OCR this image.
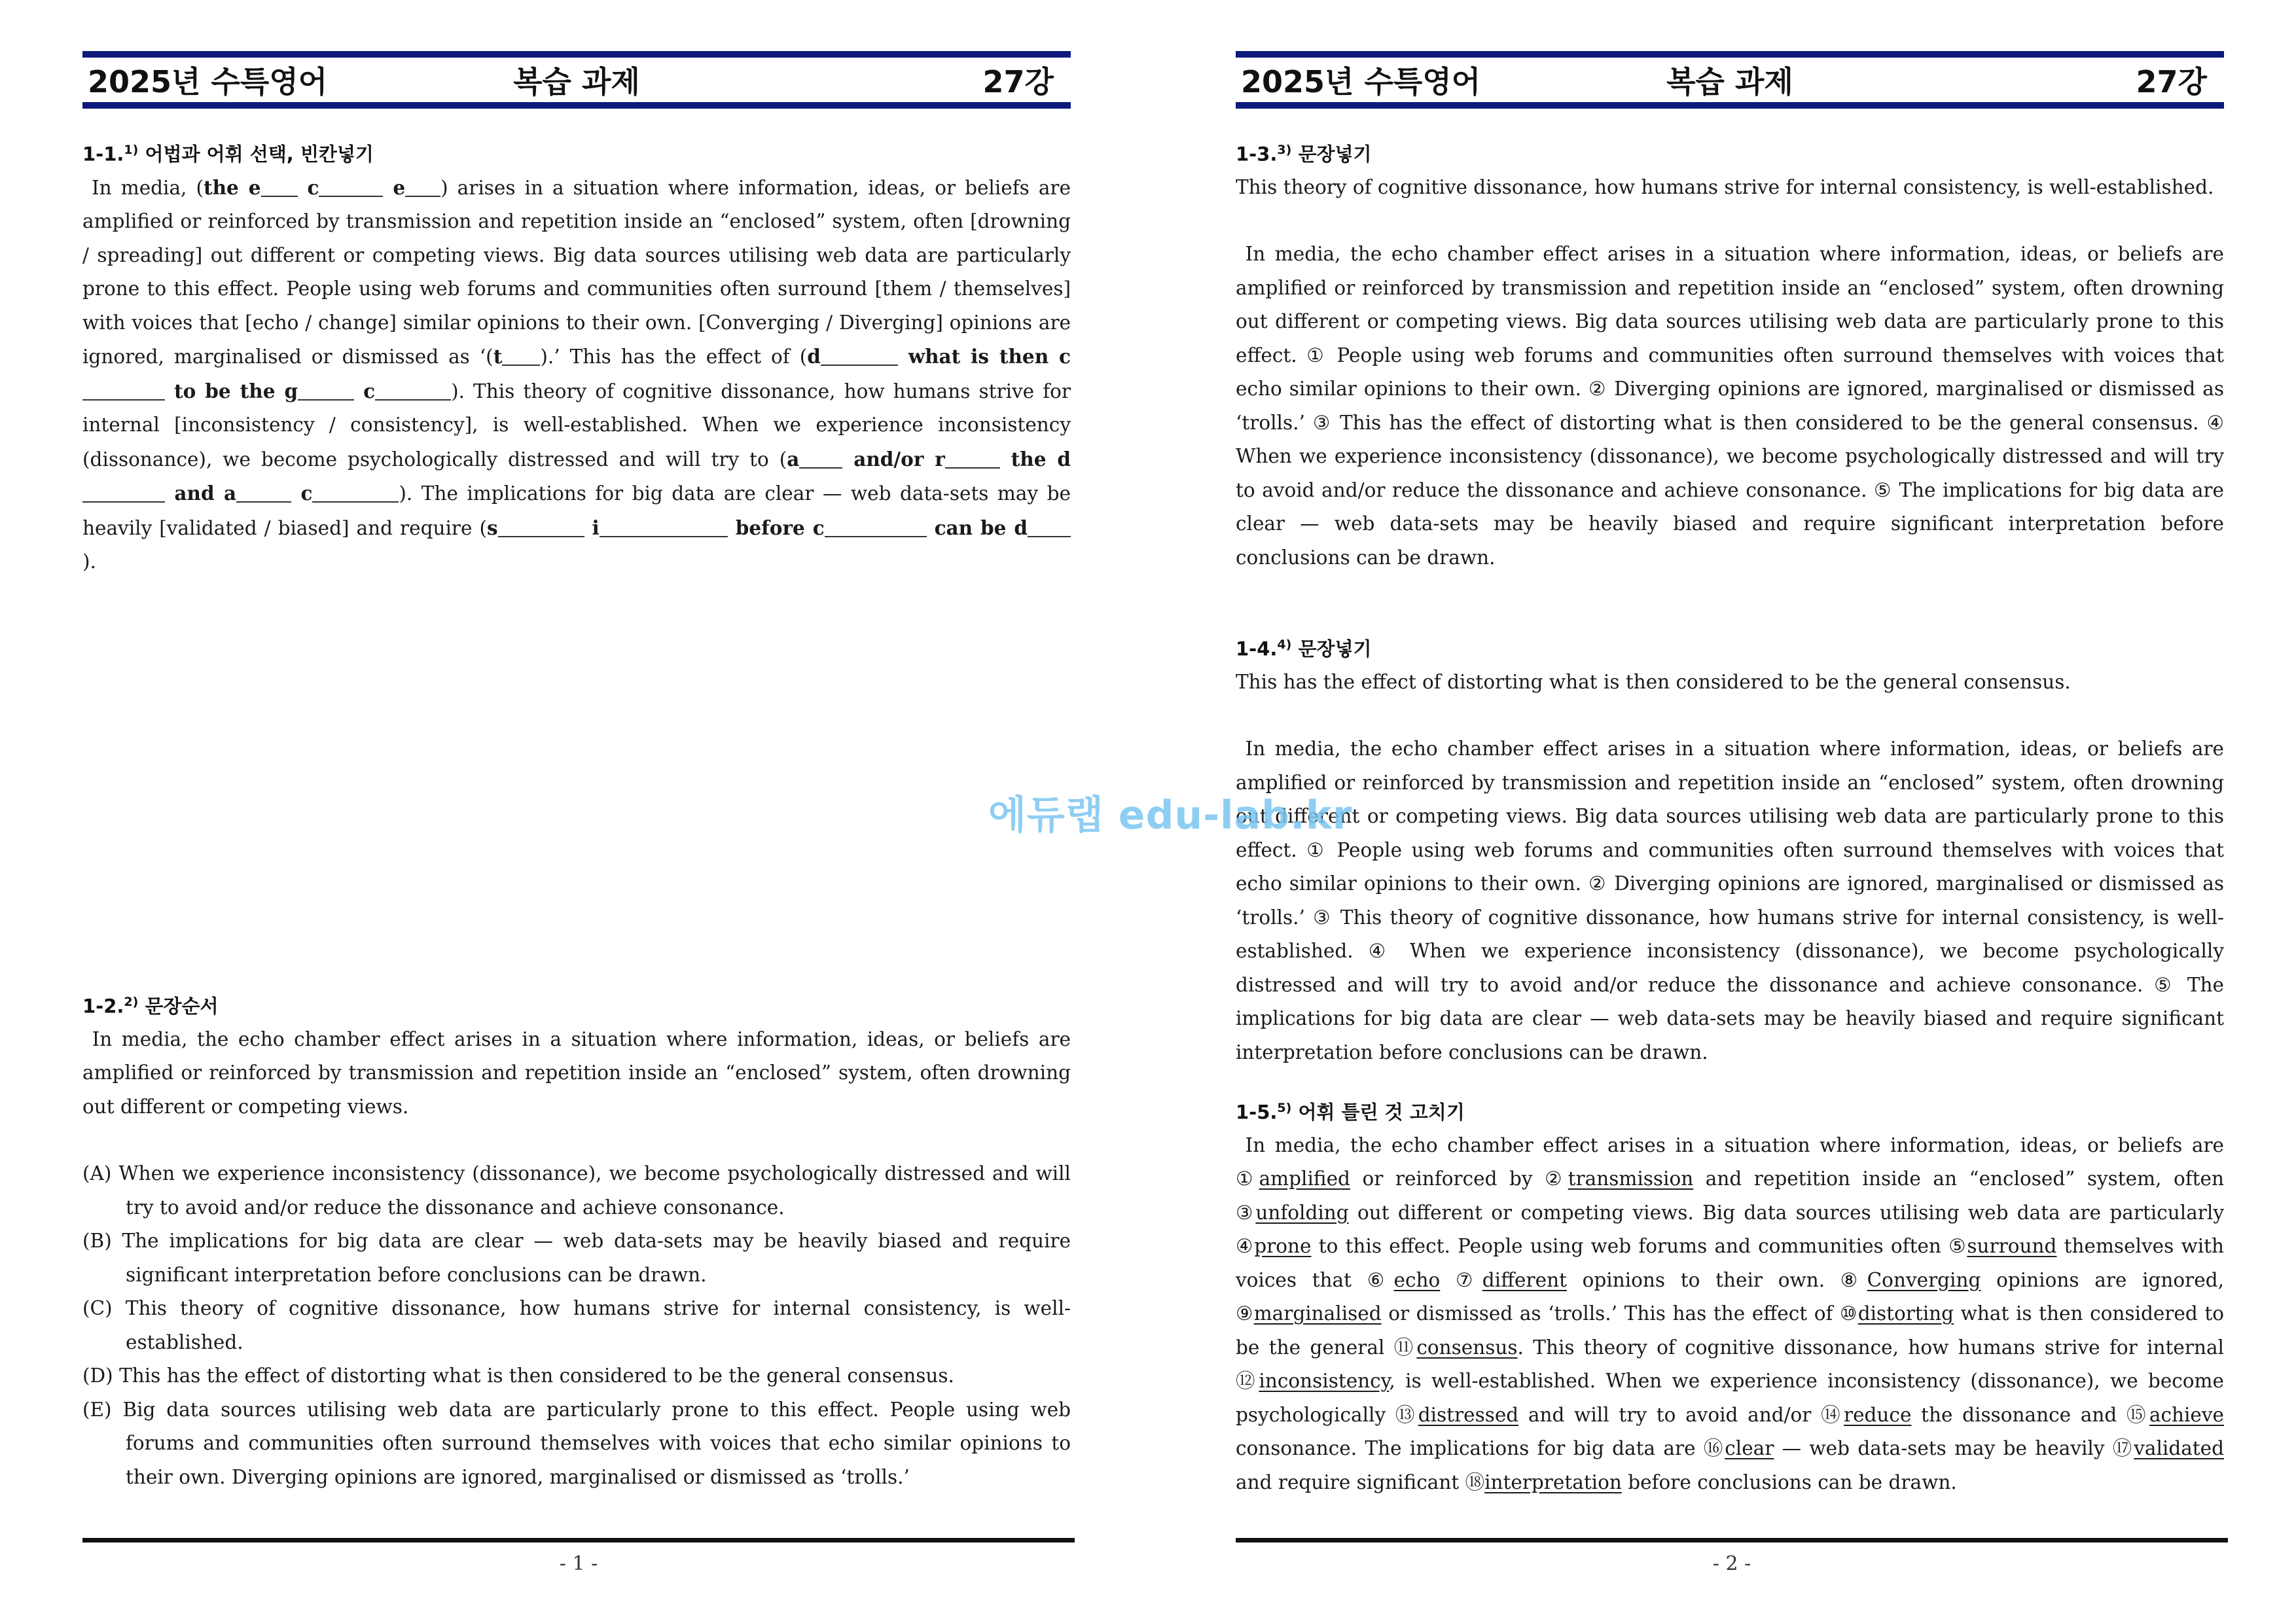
2025년 수특영어	복습 과제	27강
1-1.$^{1)}$ 어법과 어휘 선택, 빈칸넣기

In media, (the e c	e ) arises in a situation where information, ideas, or beliefs are amplified or reinforced by transmission and repetition inside an “enclosed” system, often [drowning / spreading] out different or competing views. Big data sources utilising web data are particularly prone to this effect. People using web forums and communities often surround [them / themselves] with voices that [echo / change] similar opinions to their own. [Converging / Diverging] opinions are ignored, marginalised or dismissed as ‘(t ).’ This has the effect of (d	what is then c to be the g	c	). This theory of cognitive dissonance, how humans strive for internal [inconsistency / consistency], is well-established. When we experience inconsistency (dissonance), we become psychologically distressed and will try to (a and/or r	the d and a	c	). The implications for big data are clear — web data-sets may be heavily [validated / biased] and require (s	i	before c	can be d).

1-2.$^{2)}$ 문장순서

In media, the echo chamber effect arises in a situation where information, ideas, or beliefs are amplified or reinforced by transmission and repetition inside an “enclosed” system, often drowning out different or competing views.

(A) When we experience inconsistency (dissonance), we become psychologically distressed and will try to avoid and/or reduce the dissonance and achieve consonance.
(B) The implications for big data are clear — web data-sets may be heavily biased and require significant interpretation before conclusions can be drawn.
(C) This theory of cognitive dissonance, how humans strive for internal consistency, is well-established.
(D) This has the effect of distorting what is then considered to be the general consensus.
(E) Big data sources utilising web data are particularly prone to this effect. People using web forums and communities often surround themselves with voices that echo similar opinions to their own. Diverging opinions are ignored, marginalised or dismissed as ‘trolls.’
- 1 -
2025년 수특영어	복습 과제	27강
1-3.$^{3)}$ 문장넣기

This theory of cognitive dissonance, how humans strive for internal consistency, is well-established.

In media, the echo chamber effect arises in a situation where information, ideas, or beliefs are amplified or reinforced by transmission and repetition inside an “enclosed” system, often drowning out different or competing views. Big data sources utilising web data are particularly prone to this effect. ① People using web forums and communities often surround themselves with voices that echo similar opinions to their own. ② Diverging opinions are ignored, marginalised or dismissed as ‘trolls.’ ③ This has the effect of distorting what is then considered to be the general consensus. ④ When we experience inconsistency (dissonance), we become psychologically distressed and will try to avoid and/or reduce the dissonance and achieve consonance. ⑤ The implications for big data are clear — web data-sets may be heavily biased and require significant interpretation before conclusions can be drawn.

1-4.$^{4)}$ 문장넣기

This has the effect of distorting what is then considered to be the general consensus.

In media, the echo chamber effect arises in a situation where information, ideas, or beliefs are amplified or reinforced by transmission and repetition inside an “enclosed” system, often drowning out different or competing views. Big data sources utilising web data are particularly prone to this effect. ① People using web forums and communities often surround themselves with voices that echo similar opinions to their own. ② Diverging opinions are ignored, marginalised or dismissed as ‘trolls.’ ③ This theory of cognitive dissonance, how humans strive for internal consistency, is well-established. ④ When we experience inconsistency (dissonance), we become psychologically distressed and will try to avoid and/or reduce the dissonance and achieve consonance. ⑤ The implications for big data are clear — web data-sets may be heavily biased and require significant interpretation before conclusions can be drawn.

1-5.$^{5)}$ 어휘 틀린 것 고치기

In media, the echo chamber effect arises in a situation where information, ideas, or beliefs are ①amplified or reinforced by ②transmission and repetition inside an “enclosed” system, often ③unfolding out different or competing views. Big data sources utilising web data are particularly ④prone to this effect. People using web forums and communities often ⑤surround themselves with voices that ⑥echo ⑦different opinions to their own. ⑧Converging opinions are ignored, ⑨marginalised or dismissed as ‘trolls.’ This has the effect of ⑩distorting what is then considered to be the general ⑪consensus. This theory of cognitive dissonance, how humans strive for internal ⑫inconsistency, is well-established. When we experience inconsistency (dissonance), we become psychologically ⑬distressed and will try to avoid and/or ⑭reduce the dissonance and ⑮achieve consonance. The implications for big data are ⑯clear — web data-sets may be heavily ⑰validated and require significant ⑱interpretation before conclusions can be drawn.

- 2 -
에듀랩 edu-lab.kr
